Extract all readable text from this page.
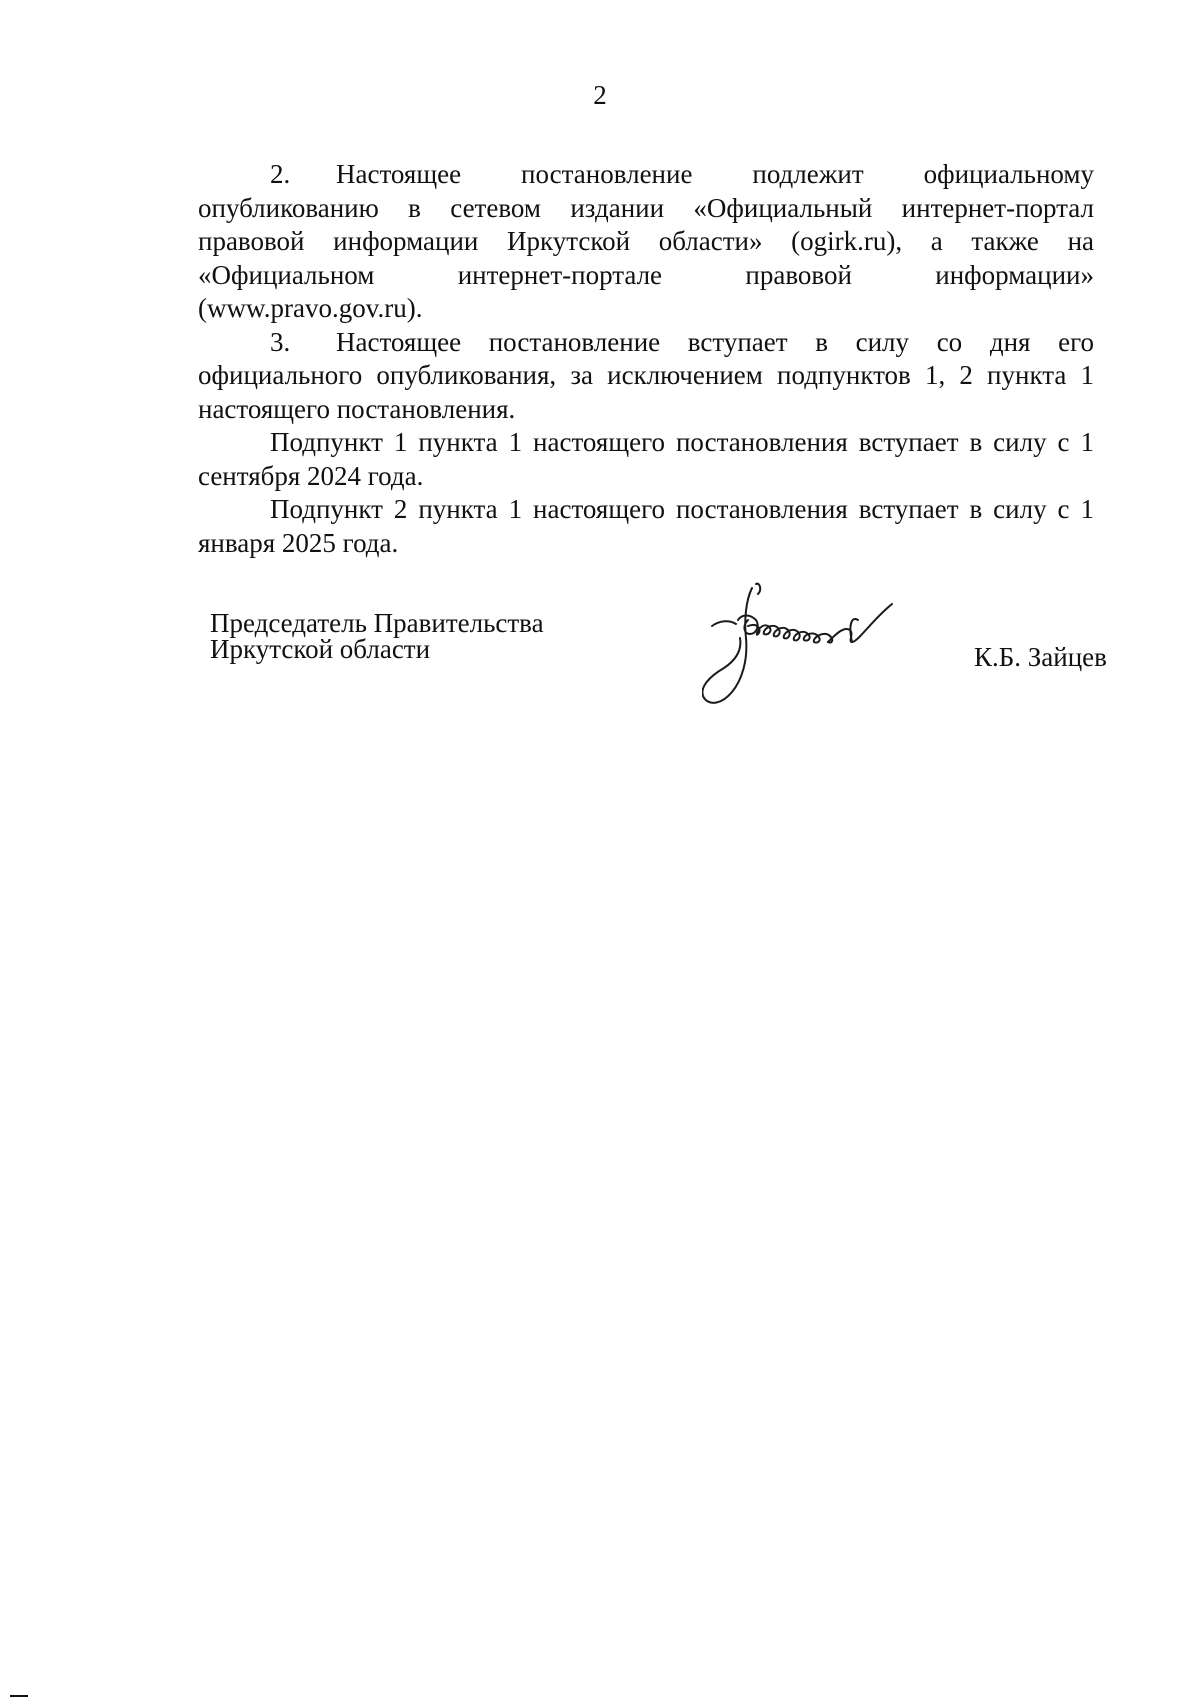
2

2. Настоящее постановление подлежит официальному опубликованию в сетевом издании «Официальный интернет-портал правовой информации Иркутской области» (ogirk.ru), а также на «Официальном интернет-портале правовой информации» (www.pravo.gov.ru).

3. Настоящее постановление вступает в силу со дня его официального опубликования, за исключением подпунктов 1, 2 пункта 1 настоящего постановления.

Подпункт 1 пункта 1 настоящего постановления вступает в силу с 1 сентября 2024 года.

Подпункт 2 пункта 1 настоящего постановления вступает в силу с 1 января 2025 года.

Председатель Правительства
Иркутской области	К.Б. Зайцев
